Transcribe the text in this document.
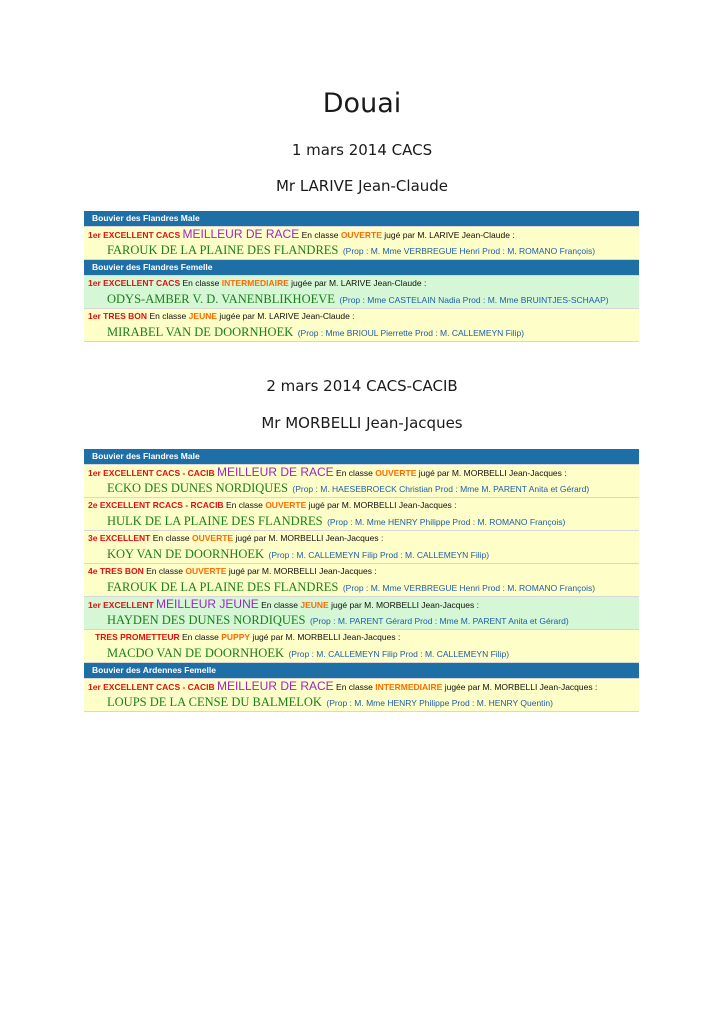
Douai
1 mars 2014 CACS
Mr LARIVE Jean-Claude
Bouvier des Flandres Male
1er EXCELLENT CACS MEILLEUR DE RACE En classe OUVERTE jugé par M. LARIVE Jean-Claude :
FAROUK DE LA PLAINE DES FLANDRES (Prop : M. Mme VERBREGUE Henri Prod : M. ROMANO François)
Bouvier des Flandres Femelle
1er EXCELLENT CACS En classe INTERMEDIAIRE jugée par M. LARIVE Jean-Claude :
ODYS-AMBER V. D. VANENBLIKHOEVE (Prop : Mme CASTELAIN Nadia Prod : M. Mme BRUINTJES-SCHAAP)
1er TRES BON En classe JEUNE jugée par M. LARIVE Jean-Claude :
MIRABEL VAN DE DOORNHOEK (Prop : Mme BRIOUL Pierrette Prod : M. CALLEMEYN Filip)
2 mars 2014 CACS-CACIB
Mr MORBELLI Jean-Jacques
Bouvier des Flandres Male
1er EXCELLENT CACS - CACIB MEILLEUR DE RACE En classe OUVERTE jugé par M. MORBELLI Jean-Jacques :
ECKO DES DUNES NORDIQUES (Prop : M. HAESEBROECK Christian Prod : Mme M. PARENT Anita et Gérard)
2e EXCELLENT RCACS - RCACIB En classe OUVERTE jugé par M. MORBELLI Jean-Jacques :
HULK DE LA PLAINE DES FLANDRES (Prop : M. Mme HENRY Philippe Prod : M. ROMANO François)
3e EXCELLENT En classe OUVERTE jugé par M. MORBELLI Jean-Jacques :
KOY VAN DE DOORNHOEK (Prop : M. CALLEMEYN Filip Prod : M. CALLEMEYN Filip)
4e TRES BON En classe OUVERTE jugé par M. MORBELLI Jean-Jacques :
FAROUK DE LA PLAINE DES FLANDRES (Prop : M. Mme VERBREGUE Henri Prod : M. ROMANO François)
1er EXCELLENT MEILLEUR JEUNE En classe JEUNE jugé par M. MORBELLI Jean-Jacques :
HAYDEN DES DUNES NORDIQUES (Prop : M. PARENT Gérard Prod : Mme M. PARENT Anita et Gérard)
TRES PROMETTEUR En classe PUPPY jugé par M. MORBELLI Jean-Jacques :
MACDO VAN DE DOORNHOEK (Prop : M. CALLEMEYN Filip Prod : M. CALLEMEYN Filip)
Bouvier des Ardennes Femelle
1er EXCELLENT CACS - CACIB MEILLEUR DE RACE En classe INTERMEDIAIRE jugée par M. MORBELLI Jean-Jacques :
LOUPS DE LA CENSE DU BALMELOK (Prop : M. Mme HENRY Philippe Prod : M. HENRY Quentin)
